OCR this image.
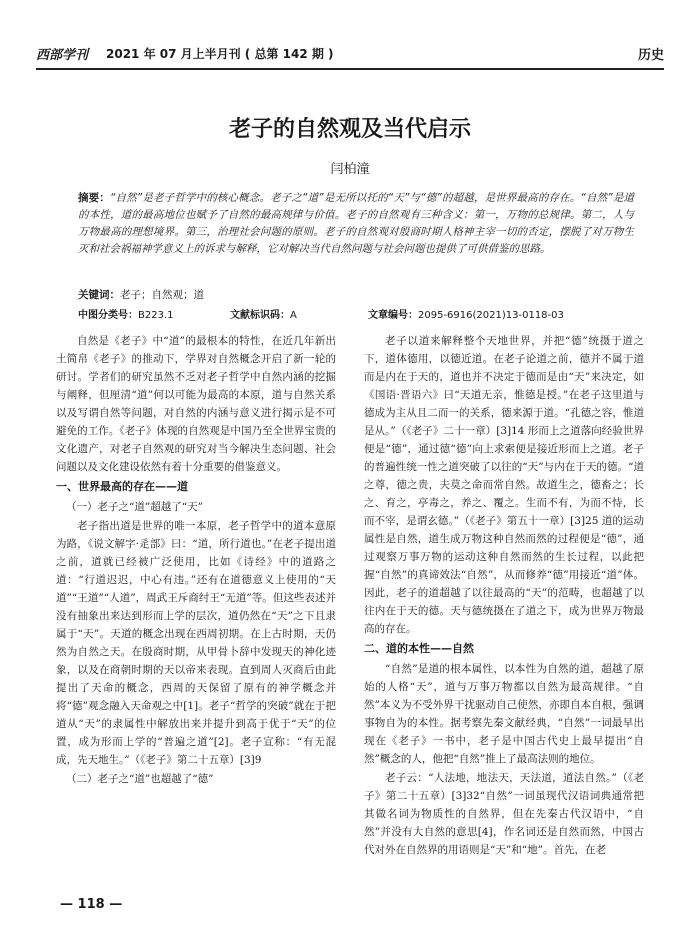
西部学刊 2021 年 07 月上半月刊 ( 总第 142 期 )	历史
老子的自然观及当代启示
闫柏潼
摘要：“自然”是老子哲学中的核心概念。老子之“道”是无所以托的“天”与“德”的超越，是世界最高的存在。“自然”是道的本性，道的最高地位也赋予了自然的最高规律与价值。老子的自然观有三种含义：第一，万物的总规律。第二，人与万物最高的理想境界。第三，治理社会问题的原则。老子的自然观对殷商时期人格神主宰一切的否定，摆脱了对万物生灭和社会祸福神学意义上的诉求与解释，它对解决当代自然问题与社会问题也提供了可供借鉴的思路。
关键词：老子；自然观；道
中图分类号：B223.1	文献标识码：A	文章编号：2095-6916(2021)13-0118-03

自然是《老子》中“道”的最根本的特性，在近几年新出土简帛《老子》的推动下，学界对自然概念开启了新一轮的研讨。学者们的研究虽然不乏对老子哲学中自然内涵的挖掘与阐释，但厘清“道”何以可能为最高的本原，道与自然关系以及写谓自然等问题，对自然的内涵与意义进行揭示是不可避免的工作。《老子》体现的自然观是中国乃至全世界宝贵的文化遗产，对老子自然观的研究对当今解决生态问题、社会问题以及文化建设依然有着十分重要的借鉴意义。

一、世界最高的存在——道
（一）老子之“道”超越了“天”

老子指出道是世界的唯一本原，老子哲学中的道本意原为路，《说文解字·辵部》曰：“道，所行道也。”在老子提出道之前，道就已经被广泛使用，比如《诗经》中的道路之道：“行道迟迟，中心有违。”还有在道德意义上使用的“天道”“王道”“人道”，周武王斥商纣王“无道”等。但这些表述并没有抽象出来达到形而上学的层次，道仍然在“天”之下且隶属于“天”。天道的概念出现在西周初期。在上古时期，天仍然为自然之天。在殷商时期，从甲骨卜辞中发现天的神化迹象，以及在商朝时期的天以帝来表现。直到周人灭商后由此提出了天命的概念，西周的天保留了原有的神学概念并将“德”观念融入天命观之中[1]。老子“哲学的突破”就在于把道从“天”的隶属性中解放出来并提升到高于优于“天”的位置，成为形而上学的“普遍之道”[2]。老子宣称：“有无混成，先天地生。”（《老子》第二十五章）[3]9

（二）老子之“道”也超越了“德”

老子以道来解释整个天地世界，并把“德”统摄于道之下，道体德用，以德近道。在老子论道之前，德并不属于道而是内在于天的，道也并不决定于德而是由“天”来决定，如《国语·晋语六》曰“天道无亲，惟德是授。”在老子这里道与德成为主从且二而一的关系，德来源于道。“孔德之容，惟道是从。”（《老子》二十一章）[3]14 形而上之道落向经验世界便是“德”，通过德“德”向上求索便是接近形而上之道。老子的普遍性统一性之道突破了以往的“天”与内在于天的德。“道之尊，德之贵，夫莫之命而常自然。故道生之，德畜之；长之、育之，亭毒之，养之、覆之。生而不有，为而不恃，长而不宰，是谓玄德。”（《老子》第五十一章）[3]25 道的运动属性是自然，道生成万物这种自然而然的过程便是“德”，通过观察万事万物的运动这种自然而然的生长过程，以此把握“自然”的真谛效法“自然”，从而修养“德”用接近“道”体。因此，老子的道超越了以往最高的“天”的范畴，也超越了以往内在于天的德。天与德统摄在了道之下，成为世界万物最高的存在。

二、道的本性——自然

“自然”是道的根本属性，以本性为自然的道，超越了原始的人格“天”，道与万事万物都以自然为最高规律。“自然”本义为不受外界干扰驱动自己使然，亦即自本自根，强调事物自为的本性。据考察先秦文献经典，“自然”一词最早出现在《老子》一书中，老子是中国古代史上最早提出“自然”概念的人，他把“自然”推上了最高法则的地位。

老子云：“人法地，地法天，天法道，道法自然。”（《老子》第二十五章）[3]32“自然”一词虽现代汉语词典通常把其做名词为物质性的自然界，但在先秦古代汉语中，“自然”并没有大自然的意思[4]，作名词还是自然而然，中国古代对外在自然界的用语则是“天”和“地”。首先，在老

— 118 —
